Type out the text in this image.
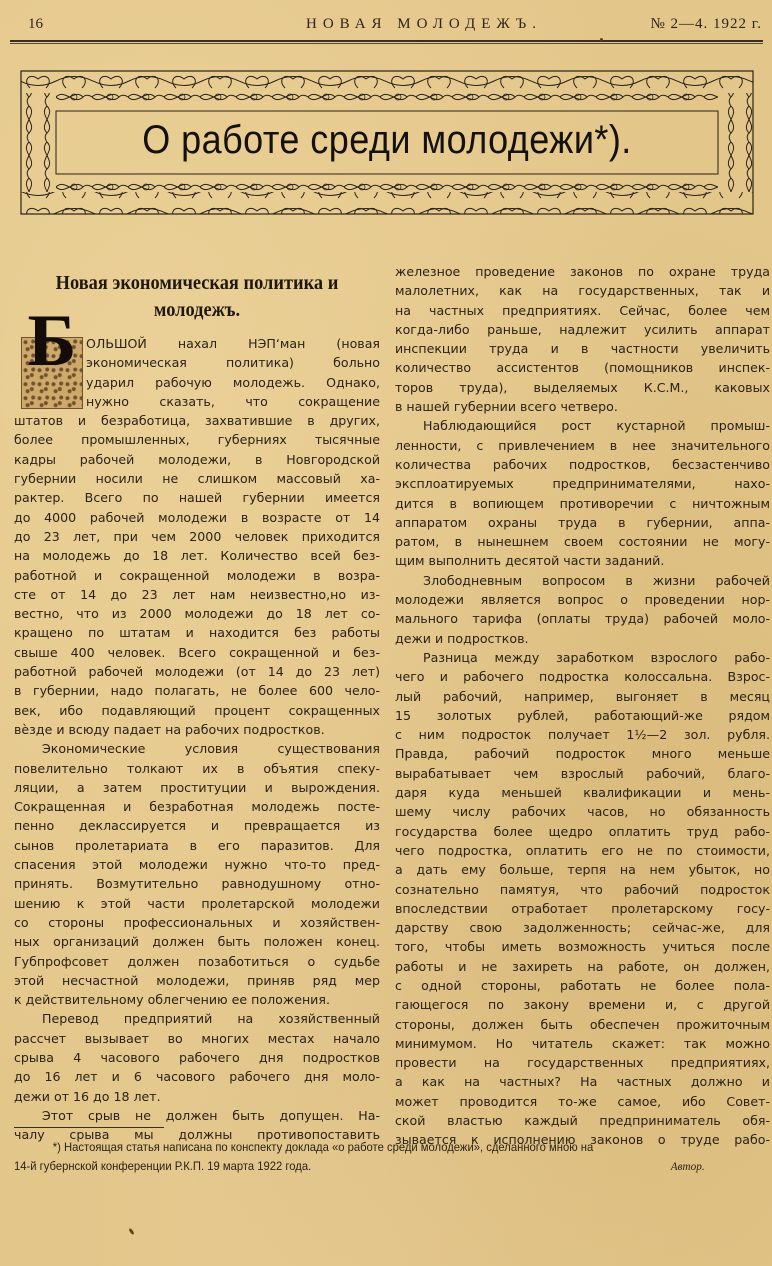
16	НОВАЯ МОЛОДЕЖЪ.	№ 2—4. 1922 г.
О работе среди молодежи*).
Новая экономическая политика и
молодежъ.
Б ОЛЬШОЙ нахал НЭП‘ман (новая
экономическая политика) больно
ударил рабочую молодежь. Однако,
нужно сказать, что сокращение
штатов и безработица, захватившие в других,
более промышленных, губерниях тысячные
кадры рабочей молодежи, в Новгородской
губернии носили не слишком массовый ха-
рактер. Всего по нашей губернии имеется
до 4000 рабочей молодежи в возрасте от 14
до 23 лет, при чем 2000 человек приходится
на молодежь до 18 лет. Количество всей без-
работной и сокращенной молодежи в возра-
сте от 14 до 23 лет нам неизвестно,но из-
вестно, что из 2000 молодежи до 18 лет со-
кращено по штатам и находится без работы
свыше 400 человек. Всего сокращенной и без-
работной рабочей молодежи (от 14 до 23 лет)
в губернии, надо полагать, не более 600 чело-
век, ибо подавляющий процент сокращенных
вѐзде и всюду падает на рабочих подростков.
Экономические условия существования
повелительно толкают их в объятия спеку-
ляции, а затем проституции и вырождения.
Сокращенная и безработная молодежь посте-
пенно деклассируется и превращается из
сынов пролетариата в его паразитов. Для
спасения этой молодежи нужно что-то пред-
принять. Возмутительно равнодушному отно-
шению к этой части пролетарской молодежи
со стороны профессиональных и хозяйствен-
ных организаций должен быть положен конец.
Губпрофсовет должен позаботиться о судьбе
этой несчастной молодежи, приняв ряд мер
к действительному облегчению ее положения.
Перевод предприятий на хозяйственный
рассчет вызывает во многих местах начало
срыва 4 часового рабочего дня подростков
до 16 лет и 6 часового рабочего дня моло-
дежи от 16 до 18 лет.
Этот срыв не должен быть допущен. На-
чалу срыва мы должны противопоставить
железное проведение законов по охране труда
малолетних, как на государственных, так и
на частных предприятиях. Сейчас, более чем
когда-либо раньше, надлежит усилить аппарат
инспекции труда и в частности увеличить
количество ассистентов (помощников инспек-
торов труда), выделяемых К.С.М., каковых
в нашей губернии всего четверо.
Наблюдающийся рост кустарной промыш-
ленности, с привлечением в нее значительного
количества рабочих подростков, бесзастенчиво
эксплоатируемых предпринимателями, нахо-
дится в вопиющем противоречии с ничтожным
аппаратом охраны труда в губернии, аппа-
ратом, в нынешнем своем состоянии не могу-
щим выполнить десятой части заданий.
Злободневным вопросом в жизни рабочей
молодежи является вопрос о проведении нор-
мального тарифа (оплаты труда) рабочей моло-
дежи и подростков.
Разница между заработком взрослого рабо-
чего и рабочего подростка колоссальна. Взрос-
лый рабочий, например, выгоняет в месяц
15 золотых рублей, работающий-же рядом
с ним подросток получает 1½—2 зол. рубля.
Правда, рабочий подросток много меньше
вырабатывает чем взрослый рабочий, благо-
даря куда меньшей квалификации и мень-
шему числу рабочих часов, но обязанность
государства более щедро оплатить труд рабо-
чего подростка, оплатить его не по стоимости,
а дать ему больше, терпя на нем убыток, но
сознательно памятуя, что рабочий подросток
впоследствии отработает пролетарскому госу-
дарству свою задолженность; сейчас-же, для
того, чтобы иметь возможность учиться после
работы и не захиреть на работе, он должен,
с одной стороны, работать не более пола-
гающегося по закону времени и, с другой
стороны, должен быть обеспечен прожиточным
минимумом. Но читатель скажет: так можно
провести на государственных предприятиях,
а как на частных? На частных должно и
может проводится то-же самое, ибо Совет-
ской властью каждый предприниматель обя-
зывается к исполнению законов о труде рабо-
*) Настоящая статья написана по конспекту доклада «о работе среди молодежи», сделанного мною на
14-й губернской конференции Р.К.П. 19 марта 1922 года.	Автор.
